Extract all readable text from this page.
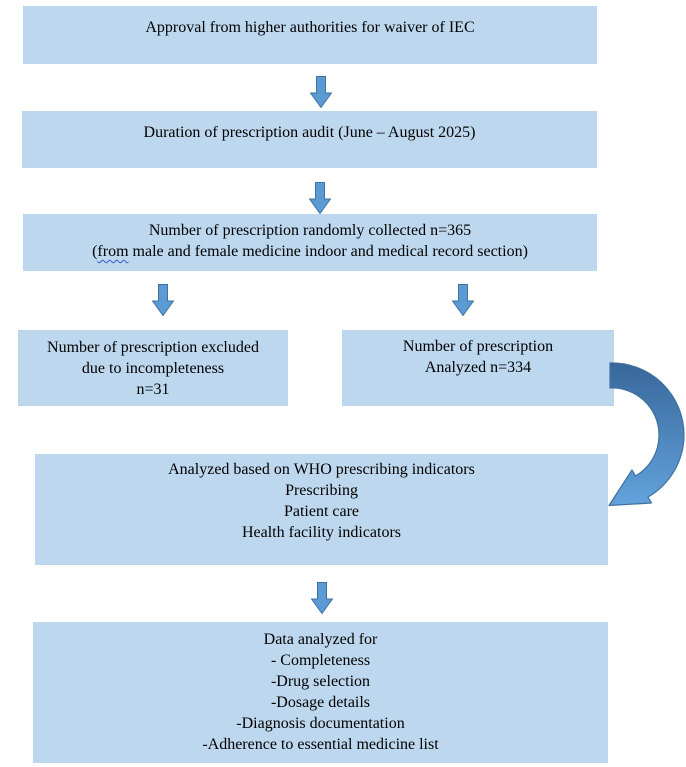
Approval from higher authorities for waiver of IEC
Duration of prescription audit (June – August 2025)
Number of prescription randomly collected n=365
(from male and female medicine indoor and medical record section)
Number of prescription excluded
due to incompleteness
n=31
Number of prescription
Analyzed n=334
Analyzed based on WHO prescribing indicators
Prescribing
Patient care
Health facility indicators
Data analyzed for
- Completeness
-Drug selection
-Dosage details
-Diagnosis documentation
-Adherence to essential medicine list
